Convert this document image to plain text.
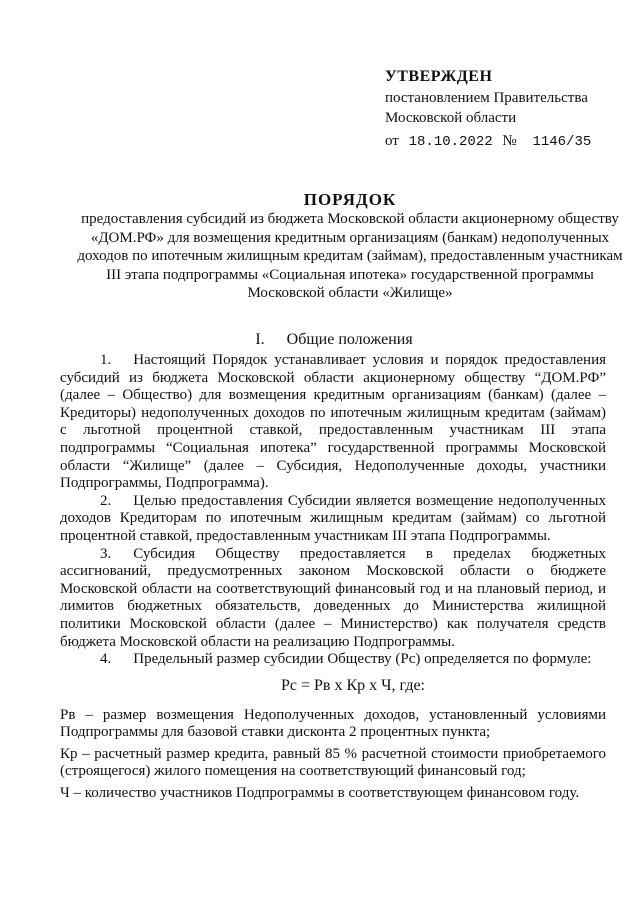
УТВЕРЖДЕН
постановлением Правительства
Московской области
от 18.10.2022 № 1146/35
ПОРЯДОК
предоставления субсидий из бюджета Московской области акционерному обществу «ДОМ.РФ» для возмещения кредитным организациям (банкам) недополученных доходов по ипотечным жилищным кредитам (займам), предоставленным участникам III этапа подпрограммы «Социальная ипотека» государственной программы Московской области «Жилище»
I. Общие положения

1. Настоящий Порядок устанавливает условия и порядок предоставления субсидий из бюджета Московской области акционерному обществу “ДОМ.РФ” (далее – Общество) для возмещения кредитным организациям (банкам) (далее – Кредиторы) недополученных доходов по ипотечным жилищным кредитам (займам) с льготной процентной ставкой, предоставленным участникам III этапа подпрограммы “Социальная ипотека” государственной программы Московской области “Жилище” (далее – Субсидия, Недополученные доходы, участники Подпрограммы, Подпрограмма).

2. Целью предоставления Субсидии является возмещение недополученных доходов Кредиторам по ипотечным жилищным кредитам (займам) со льготной процентной ставкой, предоставленным участникам III этапа Подпрограммы.

3. Субсидия Обществу предоставляется в пределах бюджетных ассигнований, предусмотренных законом Московской области о бюджете Московской области на соответствующий финансовый год и на плановый период, и лимитов бюджетных обязательств, доведенных до Министерства жилищной политики Московской области (далее – Министерство) как получателя средств бюджета Московской области на реализацию Подпрограммы.

4. Предельный размер субсидии Обществу (Рс) определяется по формуле:

Рс = Рв х Кр х Ч, где:

Рв – размер возмещения Недополученных доходов, установленный условиями Подпрограммы для базовой ставки дисконта 2 процентных пункта;

Кр – расчетный размер кредита, равный 85 % расчетной стоимости приобретаемого (строящегося) жилого помещения на соответствующий финансовый год;

Ч – количество участников Подпрограммы в соответствующем финансовом году.
